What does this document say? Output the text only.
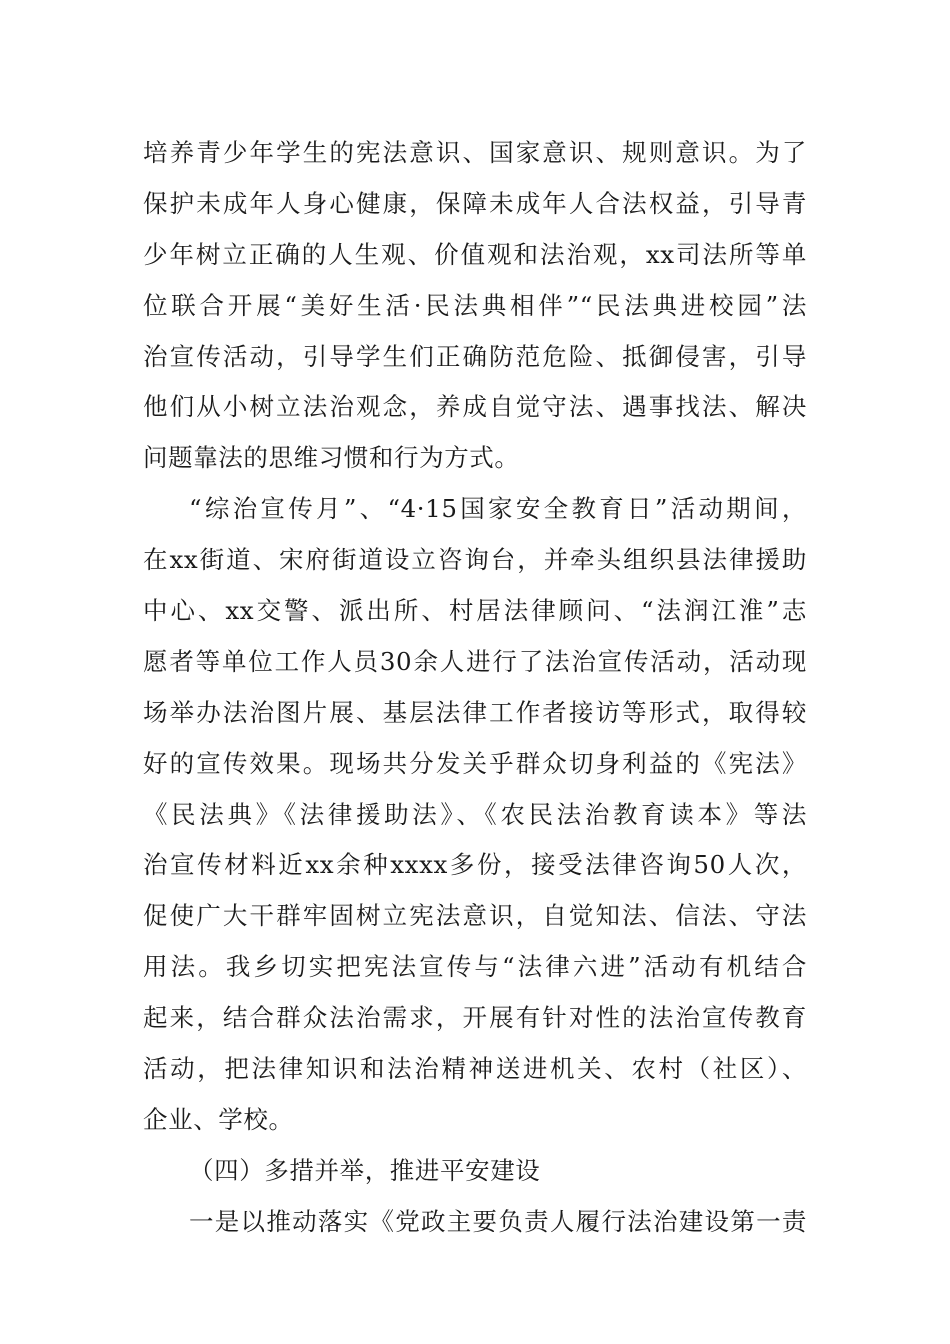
培养青少年学生的宪法意识、国家意识、规则意识。为了
保护未成年人身心健康，保障未成年人合法权益，引导青
少年树立正确的人生观、价值观和法治观，xx司法所等单
位联合开展“美好生活·民法典相伴”“民法典进校园”法
治宣传活动，引导学生们正确防范危险、抵御侵害，引导
他们从小树立法治观念，养成自觉守法、遇事找法、解决
问题靠法的思维习惯和行为方式。
“综治宣传月”、“4·15国家安全教育日”活动期间，
在xx街道、宋府街道设立咨询台，并牵头组织县法律援助
中心、xx交警、派出所、村居法律顾问、“法润江淮”志
愿者等单位工作人员30余人进行了法治宣传活动，活动现
场举办法治图片展、基层法律工作者接访等形式，取得较
好的宣传效果。现场共分发关乎群众切身利益的《宪法》
《民法典》《法律援助法》、《农民法治教育读本》等法
治宣传材料近xx余种xxxx多份，接受法律咨询50人次，
促使广大干群牢固树立宪法意识，自觉知法、信法、守法
用法。我乡切实把宪法宣传与“法律六进”活动有机结合
起来，结合群众法治需求，开展有针对性的法治宣传教育
活动，把法律知识和法治精神送进机关、农村（社区）、
企业、学校。
（四）多措并举，推进平安建设
一是以推动落实《党政主要负责人履行法治建设第一责
